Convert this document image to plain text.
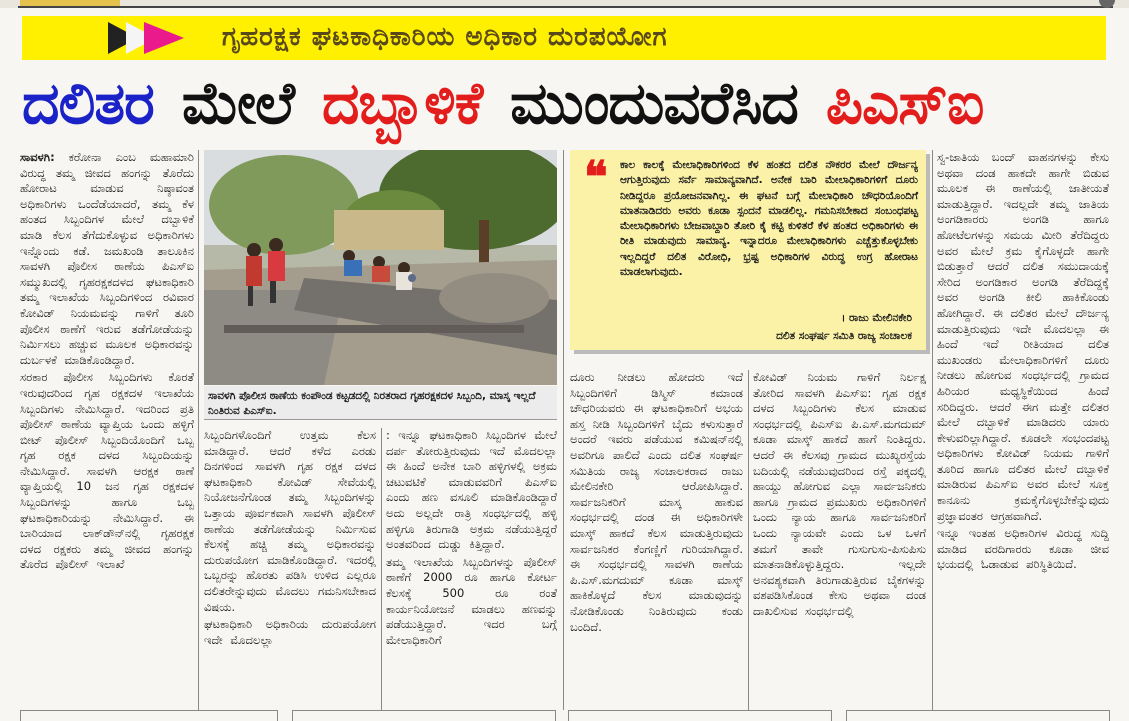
ಗೃಹರಕ್ಷಕ ಘಟಕಾಧಿಕಾರಿಯ ಅಧಿಕಾರ ದುರಪಯೋಗ
ದಲಿತರ ಮೇಲೆ ದಬ್ಬಾಳಿಕೆ ಮುಂದುವರೆಸಿದ ಪಿಎಸ್‌ಐ

ಸಾವಳಗಿ: ಕರೋನಾ ಎಂಬ ಮಹಾಮಾರಿ ವಿರುದ್ಧ ತಮ್ಮ ಜೀವದ ಹಂಗನ್ನು ತೊರೆದು ಹೋರಾಟ ಮಾಡುವ ನಿಷ್ಠಾವಂತ ಅಧಿಕಾರಿಗಳು ಒಂದೆಡೆಯಾದರೆ, ತಮ್ಮ ಕೆಳ ಹಂತದ ಸಿಬ್ಬಂದಿಗಳ ಮೇಲೆ ದಬ್ಬಾಳಿಕೆ ಮಾಡಿ ಕೆಲಸ ತೆಗೆದುಕೊಳ್ಳುವ ಅಧಿಕಾರಿಗಳು ಇನ್ನೊಂದು ಕಡೆ. ಜಮಖಂಡಿ ತಾಲೂಕಿನ ಸಾವಳಗಿ ಪೊಲೀಸ ಠಾಣೆಯ ಪಿಎಸ್ಐ ಸಮ್ಮುಖದಲ್ಲಿ ಗೃಹರಕ್ಷಕದಳದ ಘಟಕಾಧಿಕಾರಿ ತಮ್ಮ ಇಲಾಖೆಯ ಸಿಬ್ಬಂದಿಗಳಿಂದ ರವಿವಾರ ಕೋವಿಡ್ ನಿಯಮವನ್ನು ಗಾಳಿಗೆ ತೂರಿ ಪೊಲೀಸ ಠಾಣೆಗೆ ಇರುವ ತಡೆಗೋಡೆಯನ್ನು ನಿರ್ಮಿಸಲು ಹಚ್ಚುವ ಮೂಲಕ ಅಧಿಕಾರವನ್ನು ದುರ್ಬಳಕೆ ಮಾಡಿಕೊಂಡಿದ್ದಾರೆ.

ಸರಕಾರ ಪೊಲೀಸ ಸಿಬ್ಬಂದಿಗಳು ಕೊರತೆ ಇರುವುದರಿಂದ ಗೃಹ ರಕ್ಷಕದಳ ಇಲಾಖೆಯ ಸಿಬ್ಬಂದಿಗಳು ನೇಮಿಸಿದ್ದಾರೆ. ಇದರಿಂದ ಪ್ರತಿ ಪೊಲೀಸ್ ಠಾಣೆಯ ವ್ಯಾಪ್ತಿಯ ಒಂದು ಹಳ್ಳಿಗೆ ಬೀಟ್ ಪೊಲೀಸ್ ಸಿಬ್ಬಂದಿಯೊಂದಿಗೆ ಒಬ್ಬ ಗೃಹ ರಕ್ಷಕ ದಳದ ಸಿಬ್ಬಂದಿಯನ್ನು ನೇಮಿಸಿದ್ದಾರೆ. ಸಾವಳಗಿ ಆರಕ್ಷಕ ಠಾಣೆ ವ್ಯಾಪ್ತಿಯಲ್ಲಿ 10 ಜನ ಗೃಹ ರಕ್ಷಕದಳ ಸಿಬ್ಬಂದಿಗಳನ್ನು ಹಾಗೂ ಒಬ್ಬ ಘಟಕಾಧಿಕಾರಿಯನ್ನು ನೇಮಿಸಿದ್ದಾರೆ. ಈ ಬಾರಿಯಾದ ಲಾಕ್‌ಡೌನ್‌ನಲ್ಲಿ ಗೃಹರಕ್ಷಕ ದಳದ ರಕ್ಷಕರು ತಮ್ಮ ಜೀವದ ಹಂಗನ್ನು ತೊರೆದ ಪೊಲೀಸ್ ಇಲಾಖೆ

ಸಾವಳಗಿ ಪೊಲೀಸ ಠಾಣೆಯ ಕಂಪೌಂಡ ಕಟ್ಟಡದಲ್ಲಿ ನಿರತರಾದ ಗೃಹರಕ್ಷಕದಳ ಸಿಬ್ಬಂದಿ, ಮಾಸ್ಕ ಇಲ್ಲದೆ ನಿಂತಿರುವ ಪಿಎಸ್ಐ.

ಸಿಬ್ಬಂದಿಗಳೊಂದಿಗೆ ಉತ್ತಮ ಕೆಲಸ ಮಾಡಿದ್ದಾರೆ. ಆದರೆ ಕಳೆದ ಎರಡು ದಿನಗಳಿಂದ ಸಾವಳಗಿ ಗೃಹ ರಕ್ಷಕ ದಳದ ಘಟಕಾಧಿಕಾರಿ ಕೋವಿಡ್ ಸೇವೆಯಲ್ಲಿ ನಿಯೋಜನೆಗೊಂಡ ತಮ್ಮ ಸಿಬ್ಬಂದಿಗಳನ್ನು ಒತ್ತಾಯ ಪೂರ್ವಕವಾಗಿ ಸಾವಳಗಿ ಪೊಲೀಸ್ ಠಾಣೆಯ ತಡೆಗೋಡೆಯನ್ನು ನಿರ್ಮಿಸುವ ಕೆಲಸಕ್ಕೆ ಹಚ್ಚಿ ತಮ್ಮ ಅಧಿಕಾರವನ್ನು ದುರುಪಯೋಗ ಮಾಡಿಕೊಂಡಿದ್ದಾರೆ. ಇದರಲ್ಲಿ ಒಬ್ಬರನ್ನು ಹೊರತು ಪಡಿಸಿ ಉಳಿದ ಎಲ್ಲರೂ ದಲಿತರೇನ್ನುವುದು ಮೊದಲು ಗಮನಿಸಬೇಕಾದ ವಿಷಯ.

ಘಟಕಾಧಿಕಾರಿ ಅಧಿಕಾರಿಯ ದುರುಪಯೋಗ ಇದೇ ಮೊದಲಲ್ಲಾ

: ಇನ್ನೂ ಘಟಕಾಧಿಕಾರಿ ಸಿಬ್ಬಂದಿಗಳ ಮೇಲೆ ದರ್ಪ ತೋರುತ್ತಿರುವುದು ಇದೆ ಮೊದಲಲ್ಲಾ ಈ ಹಿಂದೆ ಅನೇಕ ಬಾರಿ ಹಳ್ಳಿಗಳಲ್ಲಿ ಅಕ್ರಮ ಚಟುವಟಿಕೆ ಮಾಡುವವರಿಗೆ ಪಿಎಸ್ಐ ಎಂದು ಹಣ ವಸೂಲಿ ಮಾಡಿಕೊಂಡಿದ್ದಾರೆ ಅದು ಅಲ್ಲದೇ ರಾತ್ರಿ ಸಂಧರ್ಭದಲ್ಲಿ ಹಳ್ಳಿ ಹಳ್ಳಿಗೂ ತಿರುಗಾಡಿ ಅಕ್ರಮ ನಡೆಯುತ್ತಿದ್ದರೆ ಅಂತವರಿಂದ ದುಡ್ಡು ಕಿತ್ತಿದ್ದಾರೆ.

ತಮ್ಮ ಇಲಾಖೆಯ ಸಿಬ್ಬಂದಿಗಳನ್ನು ಪೊಲೀಸ್ ಠಾಣೆಗೆ 2000 ರೂ ಹಾಗೂ ಕೋರ್ಟ ಕೆಲಸಕ್ಕೆ 500 ರೂ ರಂತೆ ಕಾರ್ಯನಿಯೋಜನೆ ಮಾಡಲು ಹಣವನ್ನು ಪಡೆಯುತ್ತಿದ್ದಾರೆ. ಇದರ ಬಗ್ಗೆ ಮೇಲಾಧಿಕಾರಿಗೆ

❝ ಕಾಲ ಕಾಲಕ್ಕೆ ಮೇಲಾಧಿಕಾರಿಗಳಿಂದ ಕೆಳ ಹಂತದ ದಲಿತ ನೌಕರರ ಮೇಲೆ ದೌರ್ಜನ್ಯ ಆಗುತ್ತಿರುವುದು ಸರ್ವೆ ಸಾಮಾನ್ಯವಾಗಿದೆ. ಅನೇಕ ಬಾರಿ ಮೇಲಾಧಿಕಾರಿಗಳಿಗೆ ದೂರು ನೀಡಿದ್ದರೂ ಪ್ರಯೋಜನವಾಗಿಲ್ಲ. ಈ ಘಟನೆ ಬಗ್ಗೆ ಮೇಲಾಧಿಕಾರಿ ಚೌಧರಿಯೊಂದಿಗೆ ಮಾತನಾಡಿದರು ಅವರು ಕೂಡಾ ಸ್ಪಂದನೆ ಮಾಡಲಿಲ್ಲ. ಗಮನಿಸಬೇಕಾದ ಸಂಬಂಧಪಟ್ಟ ಮೇಲಾಧಿಕಾರಿಗಳು ಬೇಜವಾಬ್ದಾರಿ ತೋರಿ ಕೈ ಕಟ್ಟಿ ಕುಳಿತರೆ ಕೆಳ ಹಂತದ ಅಧಿಕಾರಿಗಳು ಈ ರೀತಿ ಮಾಡುವುದು ಸಾಮಾನ್ಯ. ಇನ್ನಾದರೂ ಮೇಲಾಧಿಕಾರಿಗಳು ಎಚ್ಚೆತ್ತುಕೊಳ್ಳಬೇಕು ಇಲ್ಲದಿದ್ದರೆ ದಲಿತ ವಿರೋಧಿ, ಭ್ರಷ್ಟ ಅಧಿಕಾರಿಗಳ ವಿರುದ್ಧ ಉಗ್ರ ಹೋರಾಟ ಮಾಡಲಾಗುವುದು.
। ರಾಜು ಮೇಲಿನಕೇರಿ
ದಲಿತ ಸಂಘರ್ಷ ಸಮಿತಿ ರಾಜ್ಯ ಸಂಚಾಲಕ

ದೂರು ನೀಡಲು ಹೋದರು ಇದೆ ಸಿಬ್ಬಂದಿಗಳಿಗೆ ಡಿಸ್ಮಿಸ್ ಕಮಾಂಡ ಚೌಧರಿಯವರು ಈ ಘಟಕಾಧಿಕಾರಿಗೆ ಅಭಯ ಹಸ್ತ ನೀಡಿ ಸಿಬ್ಬಂದಿಗಳಿಗೆ ಬೈದು ಕಳುಸುತ್ತಾರೆ ಅಂದರೆ ಇವರು ಪಡೆಯುವ ಕಮಿಷನ್‌ನಲ್ಲಿ ಅವರಿಗೂ ಪಾಲಿದೆ ಎಂದು ದಲಿತ ಸಂಘರ್ಷ ಸಮಿತಿಯ ರಾಜ್ಯ ಸಂಚಾಲಕರಾದ ರಾಜು ಮೇಲಿನಕೇರಿ ಆರೋಪಿಸಿದ್ದಾರೆ. ಸಾರ್ವಜನಿಕರಿಗೆ ಮಾಸ್ಕ ಹಾಕುವ ಸಂಧರ್ಭದಲ್ಲಿ ದಂಡ ಈ ಅಧಿಕಾರಿಗಳೇ ಮಾಸ್ಕ್ ಹಾಕದೆ ಕೆಲಸ ಮಾಡುತ್ತಿರುವುದು ಸಾರ್ವಜನಿಕರ ಕೆಂಗಣ್ಣಿಗೆ ಗುರಿಯಾಗಿದ್ದಾರೆ. ಈ ಸಂಧರ್ಭದಲ್ಲಿ ಸಾವಳಗಿ ಠಾಣೆಯ ಪಿ.ಎಸ್.ಮಗದುಮ್ ಕೂಡಾ ಮಾಸ್ಕ್ ಹಾಕಿಕೊಳ್ಳದೆ ಕೆಲಸ ಮಾಡುವುದನ್ನು ನೋಡಿಕೊಂಡು ನಿಂತಿರುವುದು ಕಂಡು ಬಂದಿದೆ.

ಕೋವಿಡ್ ನಿಯಮ ಗಾಳಿಗೆ ನಿರ್ಲಕ್ಷ ತೋರಿದ ಸಾವಳಗಿ ಪಿಎಸ್ಐ: ಗೃಹ ರಕ್ಷಕ ದಳದ ಸಿಬ್ಬಂದಿಗಳು ಕೆಲಸ ಮಾಡುವ ಸಂಧರ್ಭದಲ್ಲಿ ಪಿಎಸ್ಐ ಪಿ.ಎಸ್.ಮಗದುಮ್ ಕೂಡಾ ಮಾಸ್ಕ್ ಹಾಕದೆ ಹಾಗೆ ನಿಂತಿದ್ದರು. ಆದರೆ ಈ ಕೆಲಸವು ಗ್ರಾಮದ ಮುಖ್ಯರಸ್ತೆಯ ಬದಿಯಲ್ಲಿ ನಡೆಯುವುದರಿಂದ ರಸ್ತೆ ಪಕ್ಕದಲ್ಲಿ ಹಾಯ್ದು ಹೋಗುವ ಎಲ್ಲಾ ಸಾರ್ವಜನಿಕರು ಹಾಗೂ ಗ್ರಾಮದ ಪ್ರಮುಖರು ಅಧಿಕಾರಿಗಳಿಗೆ ಒಂದು ನ್ಯಾಯ ಹಾಗೂ ಸಾರ್ವಜನಿಕರಿಗೆ ಒಂದು ನ್ಯಾಯವೇ ಎಂದು ಒಳ ಒಳಗೆ ತಮಗೆ ತಾವೇ ಗುಸುಗುಸು-ಪಿಸುಪಿಸು ಮಾತನಾಡಿಕೊಳ್ಳುತ್ತಿದ್ದರು. ಇಲ್ಲದೇ ಅನವಶ್ಯಕವಾಗಿ ತಿರುಗಾಡುತ್ತಿರುವ ಬೈಕಗಳನ್ನು ವಶಪಡಿಸಿಕೊಂಡ ಕೇಸು ಅಥವಾ ದಂಡ ದಾಖಲಿಸುವ ಸಂಧರ್ಭದಲ್ಲಿ

ಸ್ವ-ಜಾತಿಯ ಬಂದ್ ವಾಹನಗಳನ್ನು ಕೇಸು ಅಥವಾ ದಂಡ ಹಾಕದೇ ಹಾಗೇ ಬಿಡುವ ಮೂಲಕ ಈ ಠಾಣೆಯಲ್ಲಿ ಜಾತೀಯತೆ ಮಾಡುತ್ತಿದ್ದಾರೆ. ಇದಲ್ಲದೇ ತಮ್ಮ ಜಾತಿಯ ಅಂಗಡಿಕಾರರು ಅಂಗಡಿ ಹಾಗೂ ಹೋಟೆಲಗಳನ್ನು ಸಮಯ ಮೀರಿ ತೆರೆದಿದ್ದರು ಅವರ ಮೇಲೆ ಕ್ರಮ ಕೈಗೊಳ್ಳದೇ ಹಾಗೇ ಬಿಡುತ್ತಾರೆ ಆದರೆ ದಲಿತ ಸಮುದಾಯಕ್ಕೆ ಸೇರಿದ ಅಂಗಡಿಕಾರ ಅಂಗಡಿ ತೆರೆದಿದ್ದಕ್ಕೆ ಅವರ ಅಂಗಡಿ ಕೀಲಿ ಹಾಕಿಕೊಂಡು ಹೋಗಿದ್ದಾರೆ. ಈ ದಲಿತರ ಮೇಲೆ ದೌರ್ಜನ್ಯ ಮಾಡುತ್ತಿರುವುದು ಇದೇ ಮೊದಲಲ್ಲಾ ಈ ಹಿಂದೆ ಇದೆ ರೀತಿಯಾದ ದಲಿತ ಮುಖಂಡರು ಮೇಲಾಧಿಕಾರಿಗಳಿಗೆ ದೂರು ನೀಡಲು ಹೋಗುವ ಸಂಧರ್ಭದಲ್ಲಿ ಗ್ರಾಮದ ಹಿರಿಯರ ಮಧ್ಯಸ್ಥಿಕೆಯಿಂದ ಹಿಂದೆ ಸರಿದಿದ್ದರು. ಆದರೆ ಈಗ ಮತ್ತೇ ದಲಿತರ ಮೇಲೆ ದಬ್ಬಾಳಿಕೆ ಮಾಡಿದರು ಯಾರು ಕೇಳುವರಿಲ್ಲಾಗಿದ್ದಾರೆ. ಕೂಡಲೇ ಸಂಭಂದಪಟ್ಟ ಅಧಿಕಾರಿಗಳು ಕೋವಿಡ್ ನಿಯಮ ಗಾಳಿಗೆ ತೂರಿದ ಹಾಗೂ ದಲಿತರ ಮೇಲೆ ದಬ್ಬಾಳಿಕೆ ಮಾಡಿರುವ ಪಿಎಸ್ಐ ಅವರ ಮೇಲೆ ಸೂಕ್ತ ಕಾನೂನು ಕ್ರಮಕೈಗೊಳ್ಳಬೇಕೆನ್ನುವುದು ಪ್ರಜ್ಞಾವಂತರ ಆಗ್ರಹವಾಗಿದೆ.

ಇನ್ನೂ ಇಂತಹ ಅಧಿಕಾರಿಗಳ ವಿರುದ್ಧ ಸುದ್ದಿ ಮಾಡಿದ ವರದಿಗಾರರು ಕೂಡಾ ಜೀವ ಭಯದಲ್ಲಿ ಓಡಾಡುವ ಪರಿಸ್ಥಿತಿಯಿದೆ.
